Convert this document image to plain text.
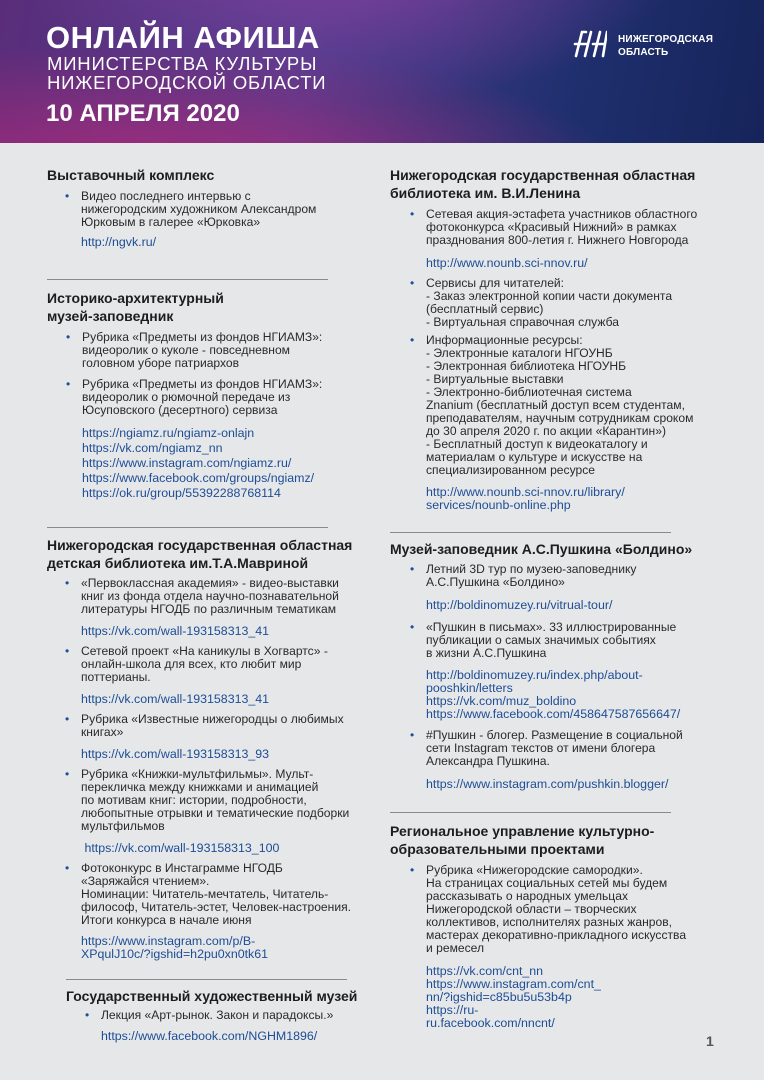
ОНЛАЙН АФИША
МИНИСТЕРСТВА КУЛЬТУРЫ
НИЖЕГОРОДСКОЙ ОБЛАСТИ
10 АПРЕЛЯ 2020
НИЖЕГОРОДСКАЯ
ОБЛАСТЬ
Выставочный комплекс
• Видео последнего интервью с
нижегородским художником Александром
Юрковым в галерее «Юрковка»
http://ngvk.ru/
Историко-архитектурный
музей-заповедник
• Рубрика «Предметы из фондов НГИАМЗ»:
видеоролик о куколе - повседневном
головном уборе патриархов
• Рубрика «Предметы из фондов НГИАМЗ»:
видеоролик о рюмочной передаче из
Юсуповского (десертного) сервиза
https://ngiamz.ru/ngiamz-onlajn
https://vk.com/ngiamz_nn
https://www.instagram.com/ngiamz.ru/
https://www.facebook.com/groups/ngiamz/
https://ok.ru/group/55392288768114
Нижегородская государственная областная
детская библиотека им.Т.А.Мавриной
• «Первоклассная академия» - видео-выставки
книг из фонда отдела научно-познавательной
литературы НГОДБ по различным тематикам
https://vk.com/wall-193158313_41
• Сетевой проект «На каникулы в Хогвартс» -
онлайн-школа для всех, кто любит мир
поттерианы.
https://vk.com/wall-193158313_41
• Рубрика «Известные нижегородцы о любимых
книгах»
https://vk.com/wall-193158313_93
• Рубрика «Книжки-мультфильмы». Мульт-
перекличка между книжками и анимацией
по мотивам книг: истории, подробности,
любопытные отрывки и тематические подборки
мультфильмов
https://vk.com/wall-193158313_100
• Фотоконкурс в Инстаграмме НГОДБ
«Заряжайся чтением».
Номинации: Читатель-мечтатель, Читатель-
философ, Читатель-эстет, Человек-настроения.
Итоги конкурса в начале июня
https://www.instagram.com/p/B-
XPqulJ10c/?igshid=h2pu0xn0tk61
Государственный художественный музей
• Лекция «Арт-рынок. Закон и парадоксы.»
https://www.facebook.com/NGHM1896/
Нижегородская государственная областная
библиотека им. В.И.Ленина
• Сетевая акция-эстафета участников областного
фотоконкурса «Красивый Нижний» в рамках
празднования 800-летия г. Нижнего Новгорода
http://www.nounb.sci-nnov.ru/
• Сервисы для читателей:
- Заказ электронной копии части документа
(бесплатный сервис)
- Виртуальная справочная служба
• Информационные ресурсы:
- Электронные каталоги НГОУНБ
- Электронная библиотека НГОУНБ
- Виртуальные выставки
- Электронно-библиотечная система
Znanium (бесплатный доступ всем студентам,
преподавателям, научным сотрудникам сроком
до 30 апреля 2020 г. по акции «Карантин»)
- Бесплатный доступ к видеокаталогу и
материалам о культуре и искусстве на
специализированном ресурсе
http://www.nounb.sci-nnov.ru/library/
services/nounb-online.php
Музей-заповедник А.С.Пушкина «Болдино»
• Летний 3D тур по музею-заповеднику
А.С.Пушкина «Болдино»
http://boldinomuzey.ru/vitrual-tour/
• «Пушкин в письмах». 33 иллюстрированные
публикации о самых значимых событиях
в жизни А.С.Пушкина
http://boldinomuzey.ru/index.php/about-
pooshkin/letters
https://vk.com/muz_boldino
https://www.facebook.com/458647587656647/
• #Пушкин - блогер. Размещение в социальной
сети Instagram текстов от имени блогера
Александра Пушкина.
https://www.instagram.com/pushkin.blogger/
Региональное управление культурно-
образовательными проектами
• Рубрика «Нижегородские самородки».
На страницах социальных сетей мы будем
рассказывать о народных умельцах
Нижегородской области – творческих
коллективов, исполнителях разных жанров,
мастерах декоративно-прикладного искусства
и ремесел
https://vk.com/cnt_nn
https://www.instagram.com/cnt_
nn/?igshid=c85bu5u53b4p
https://ru-
ru.facebook.com/nncnt/
1
